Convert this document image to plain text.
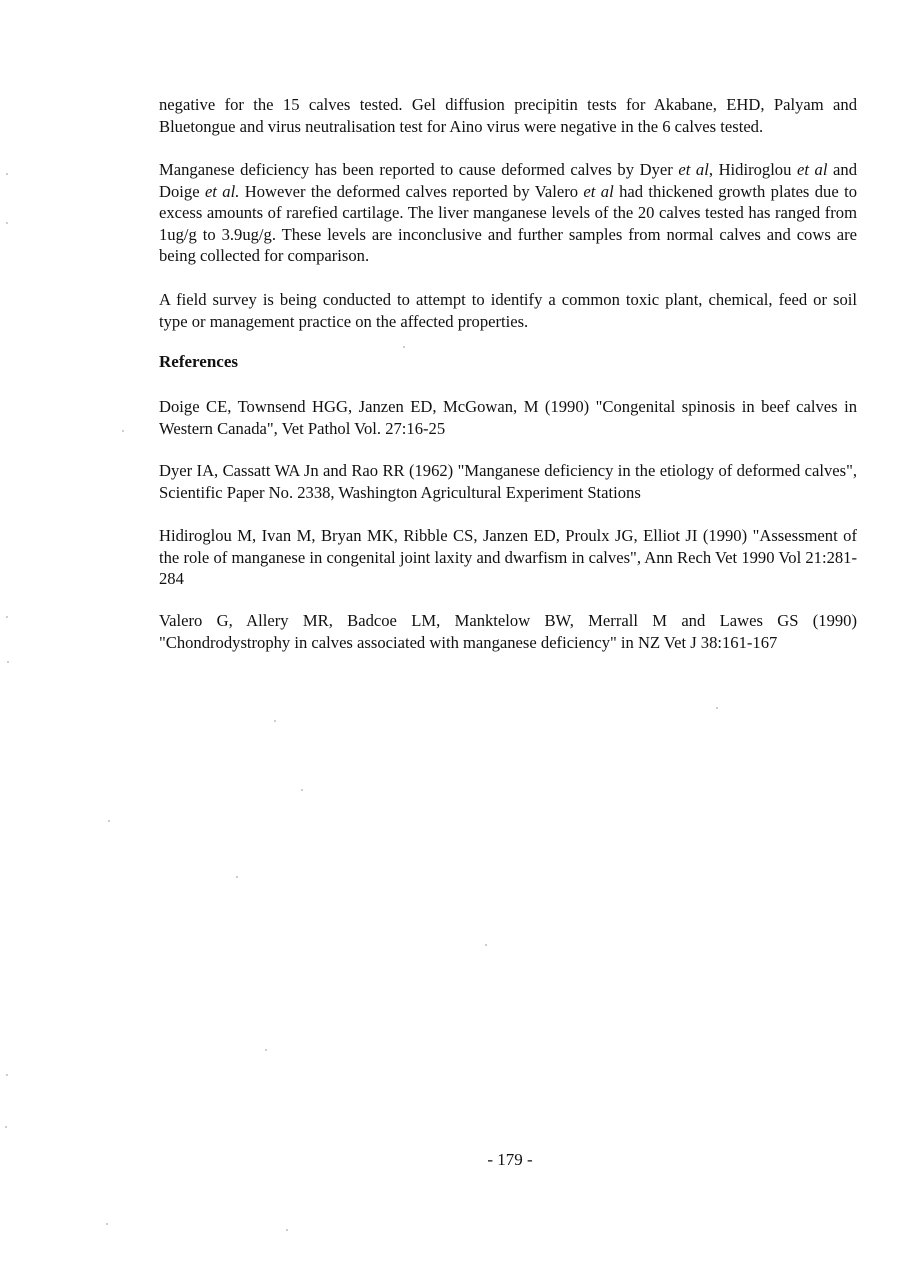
negative for the 15 calves tested. Gel diffusion precipitin tests for Akabane, EHD, Palyam and Bluetongue and virus neutralisation test for Aino virus were negative in the 6 calves tested.

Manganese deficiency has been reported to cause deformed calves by Dyer et al, Hidiroglou et al and Doige et al. However the deformed calves reported by Valero et al had thickened growth plates due to excess amounts of rarefied cartilage. The liver manganese levels of the 20 calves tested has ranged from 1ug/g to 3.9ug/g. These levels are inconclusive and further samples from normal calves and cows are being collected for comparison.

A field survey is being conducted to attempt to identify a common toxic plant, chemical, feed or soil type or management practice on the affected properties.

References

Doige CE, Townsend HGG, Janzen ED, McGowan, M (1990) "Congenital spinosis in beef calves in Western Canada", Vet Pathol Vol. 27:16-25

Dyer IA, Cassatt WA Jn and Rao RR (1962) "Manganese deficiency in the etiology of deformed calves", Scientific Paper No. 2338, Washington Agricultural Experiment Stations

Hidiroglou M, Ivan M, Bryan MK, Ribble CS, Janzen ED, Proulx JG, Elliot JI (1990) "Assessment of the role of manganese in congenital joint laxity and dwarfism in calves", Ann Rech Vet 1990 Vol 21:281-284

Valero G, Allery MR, Badcoe LM, Manktelow BW, Merrall M and Lawes GS (1990) "Chondrodystrophy in calves associated with manganese deficiency" in NZ Vet J 38:161-167

- 179 -
